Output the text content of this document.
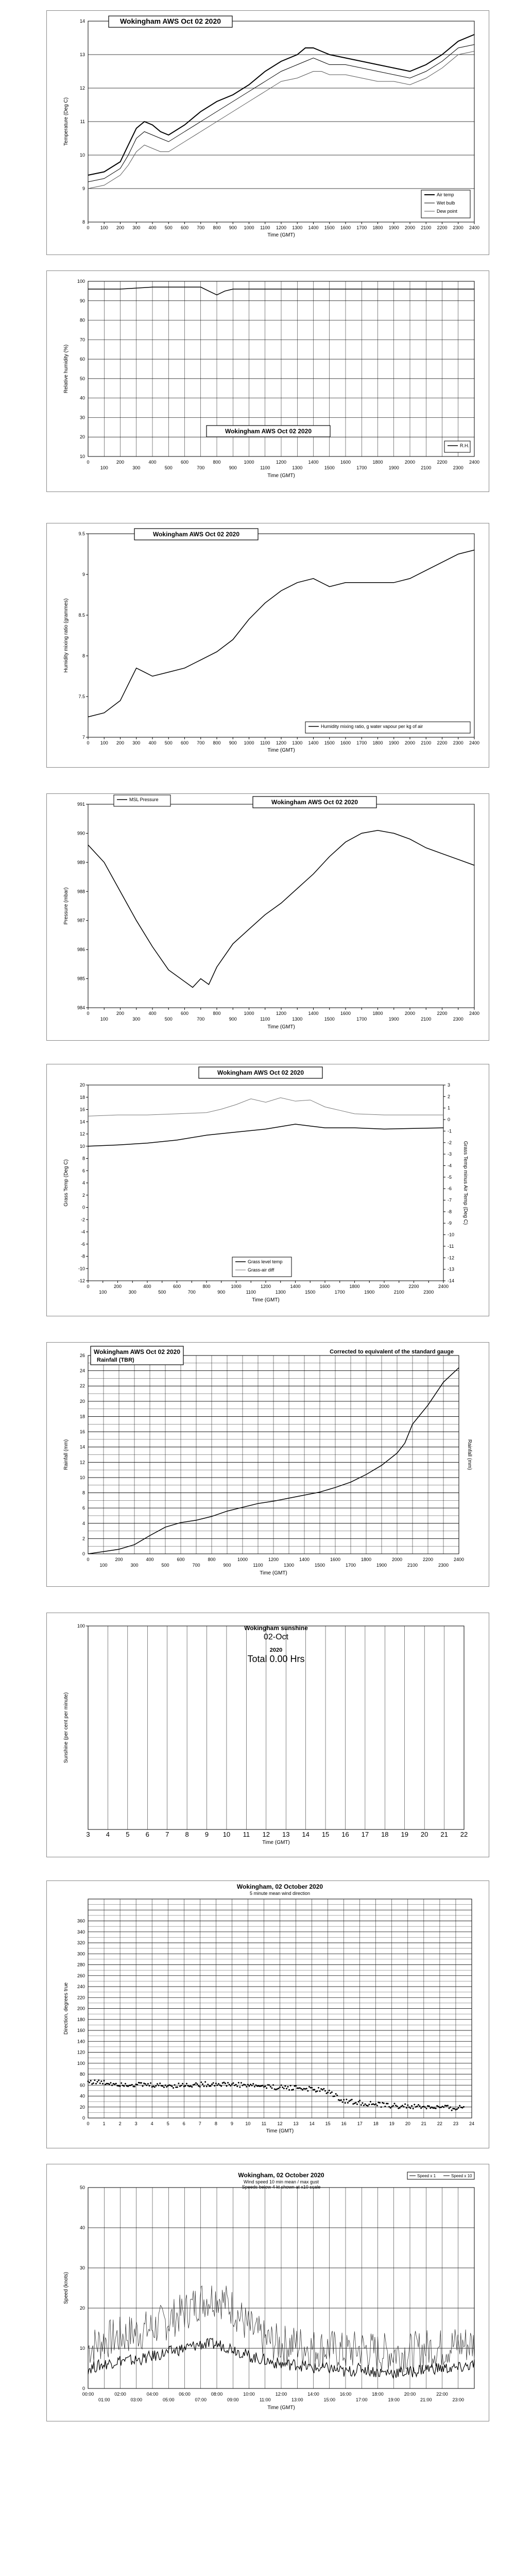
8
9
10
11
12
13
14
0 100 200 300 400 500 600 700 800 900 1000 1100 1200 1300 1400 1500 1600 1700 1800 1900 2000 2100 2200 2300 2400
Time (GMT)
Temperature (Deg C)
Air temp
Wet bulb
Dew point
Wokingham AWS Oct 02 2020
10
20
30
40
50
60
70
80
90
100
0	200	400	600	800	1000	1200	1400	1600	1800	2000	2200	2400
100	300	500	700	900	1100	1300	1500	1700	1900	2100	2300
Time (GMT)
Relative humidity (%)
R.H.
Wokingham AWS Oct 02 2020
7
7.5
8
8.5
9
9.5
0 100 200 300 400 500 600 700 800 900 1000 1100 1200 1300 1400 1500 1600 1700 1800 1900 2000 2100 2200 2300 2400
Time (GMT)
Humidity mixing ratio (grammes)
Humidity mixing ratio, g water vapour per kg of air
Wokingham AWS Oct 02 2020
984
985
986
987
988
989
990
991
0	200	400	600	800	1000	1200	1400	1600	1800	2000	2200	2400
100	300	500	700	900	1100	1300	1500	1700	1900	2100	2300
Time (GMT)
Pressure (mbar)
MSL Pressure	Wokingham AWS Oct 02 2020
-12
-10
-8
-6
-4
-2
0
2
4
6
8
10
12
14
16
18
20
0	200	400	600	800	1000	1200	1400	1600	1800	2000	2200	2400
100	300	500	700	900	1100	1300	1500	1700	1900	2100	2300
Time (GMT)
Grass Temp (Deg C)
-14
-13
-12
-11
-10
-9
-8
-7
-6
-5
-4
-3
-2
-1
0
1
2
3
Grass Temp minus Air Temp (Deg C)
Grass level temp
Grass-air diff
Wokingham AWS Oct 02 2020
0
2
4
6
8
10
12
14
16
18
20
22
24
26
0	200	400	600	800	1000	1200	1400	1600	1800	2000	2200	2400
100	300	500	700	900	1100	1300	1500	1700	1900	2100	2300
Time (GMT)
Rainfall (mm)	Rainfall (mm)
Wokingham AWS Oct 02 2020
Rainfall (TBR)
Corrected to equivalent of the standard gauge
100
3 4 5 6 7 8 9 10 11 12 13 14 15 16 17 18 19 20 21 22
Time (GMT)
Sunshine (per cent per minute)
Wokingham sunshine
02-Oct
2020
Total 0.00 Hrs
0
20
40
60
80
100
120
140
160
180
200
220
240
260
280
300
320
340
360
0	1	2	3	4	5	6	7	8	9	10 11 12 13 14 15 16 17 18 19 20 21 22 23 24
Time (GMT)
Direction, degrees true
Wokingham, 02 October 2020
5 minute mean wind direction
0
10
20
30
40
50
00:00	02:00	04:00	06:00	08:00	10:00	12:00	14:00	16:00	18:00	20:00	22:00
01:00	03:00	05:00	07:00	09:00	11:00	13:00	15:00	17:00	19:00	21:00	23:00
Time (GMT)
Speed (knots)
Speed x 1	Speed x 10
Wokingham, 02 October 2020
Wind speed 10 min mean / max gust
Speeds below 4 kt shown at x10 scale
